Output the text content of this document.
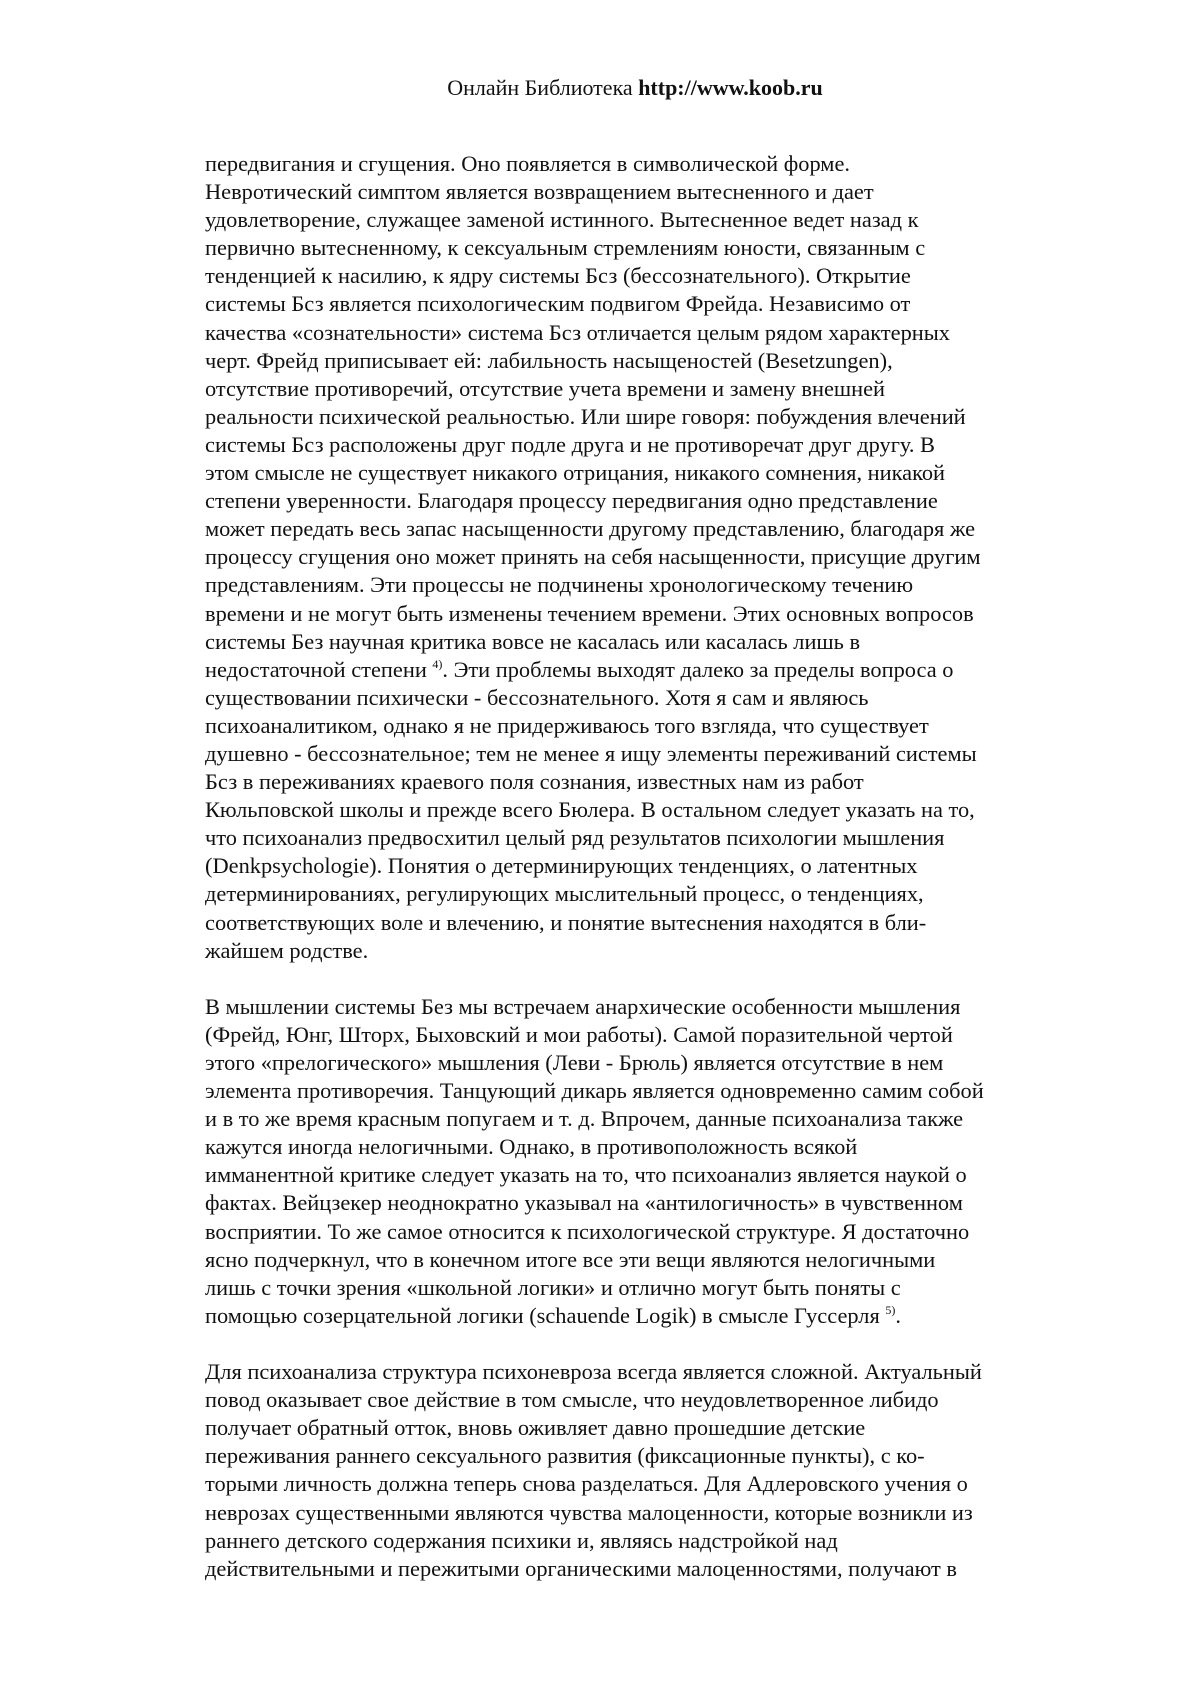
Онлайн Библиотека http://www.koob.ru
передвигания и сгущения. Оно появляется в символической форме.
Невротический симптом является возвращением вытесненного и дает
удовлетворение, служащее заменой истинного. Вытесненное ведет назад к
первично вытесненному, к сексуальным стремлениям юности, связанным с
тенденцией к насилию, к ядру системы Бсз (бессознательного). Открытие
системы Бсз является психологическим подвигом Фрейда. Независимо от
качества «сознательности» система Бсз отличается целым рядом характерных
черт. Фрейд приписывает ей: лабильность насыщеностей (Besetzungen),
отсутствие противоречий, отсутствие учета времени и замену внешней
реальности психической реальностью. Или шире говоря: побуждения влечений
системы Бсз расположены друг подле друга и не противоречат друг другу. В
этом смысле не существует никакого отрицания, никакого сомнения, никакой
степени уверенности. Благодаря процессу передвигания одно представление
может передать весь запас насыщенности другому представлению, благодаря же
процессу сгущения оно может принять на себя насыщенности, присущие другим
представлениям. Эти процессы не подчинены хронологическому течению
времени и не могут быть изменены течением времени. Этих основных вопросов
системы Без научная критика вовсе не касалась или касалась лишь в
недостаточной степени $^{4)}$. Эти проблемы выходят далеко за пределы вопроса о
существовании психически - бессознательного. Хотя я сам и являюсь
психоаналитиком, однако я не придерживаюсь того взгляда, что существует
душевно - бессознательное; тем не менее я ищу элементы переживаний системы
Бсз в переживаниях краевого поля сознания, известных нам из работ
Кюльповской школы и прежде всего Бюлера. В остальном следует указать на то,
что психоанализ предвосхитил целый ряд результатов психологии мышления
(Denkpsychologie). Понятия о детерминирующих тенденциях, о латентных
детерминированиях, регулирующих мыслительный процесс, о тенденциях,
соответствующих воле и влечению, и понятие вытеснения находятся в бли-
жайшем родстве.
В мышлении системы Без мы встречаем анархические особенности мышления
(Фрейд, Юнг, Шторх, Быховский и мои работы). Самой поразительной чертой
этого «прелогического» мышления (Леви - Брюль) является отсутствие в нем
элемента противоречия. Танцующий дикарь является одновременно самим собой
и в то же время красным попугаем и т. д. Впрочем, данные психоанализа также
кажутся иногда нелогичными. Однако, в противоположность всякой
имманентной критике следует указать на то, что психоанализ является наукой о
фактах. Вейцзекер неоднократно указывал на «антилогичность» в чувственном
восприятии. То же самое относится к психологической структуре. Я достаточно
ясно подчеркнул, что в конечном итоге все эти вещи являются нелогичными
лишь с точки зрения «школьной логики» и отлично могут быть поняты с
помощью созерцательной логики (schauende Logik) в смысле Гуссерля $^{5)}$.
Для психоанализа структура психоневроза всегда является сложной. Актуальный
повод оказывает свое действие в том смысле, что неудовлетворенное либидо
получает обратный отток, вновь оживляет давно прошедшие детские
переживания раннего сексуального развития (фиксационные пункты), с ко-
торыми личность должна теперь снова разделаться. Для Адлеровского учения о
неврозах существенными являются чувства малоценности, которые возникли из
раннего детского содержания психики и, являясь надстройкой над
действительными и пережитыми органическими малоценностями, получают в
